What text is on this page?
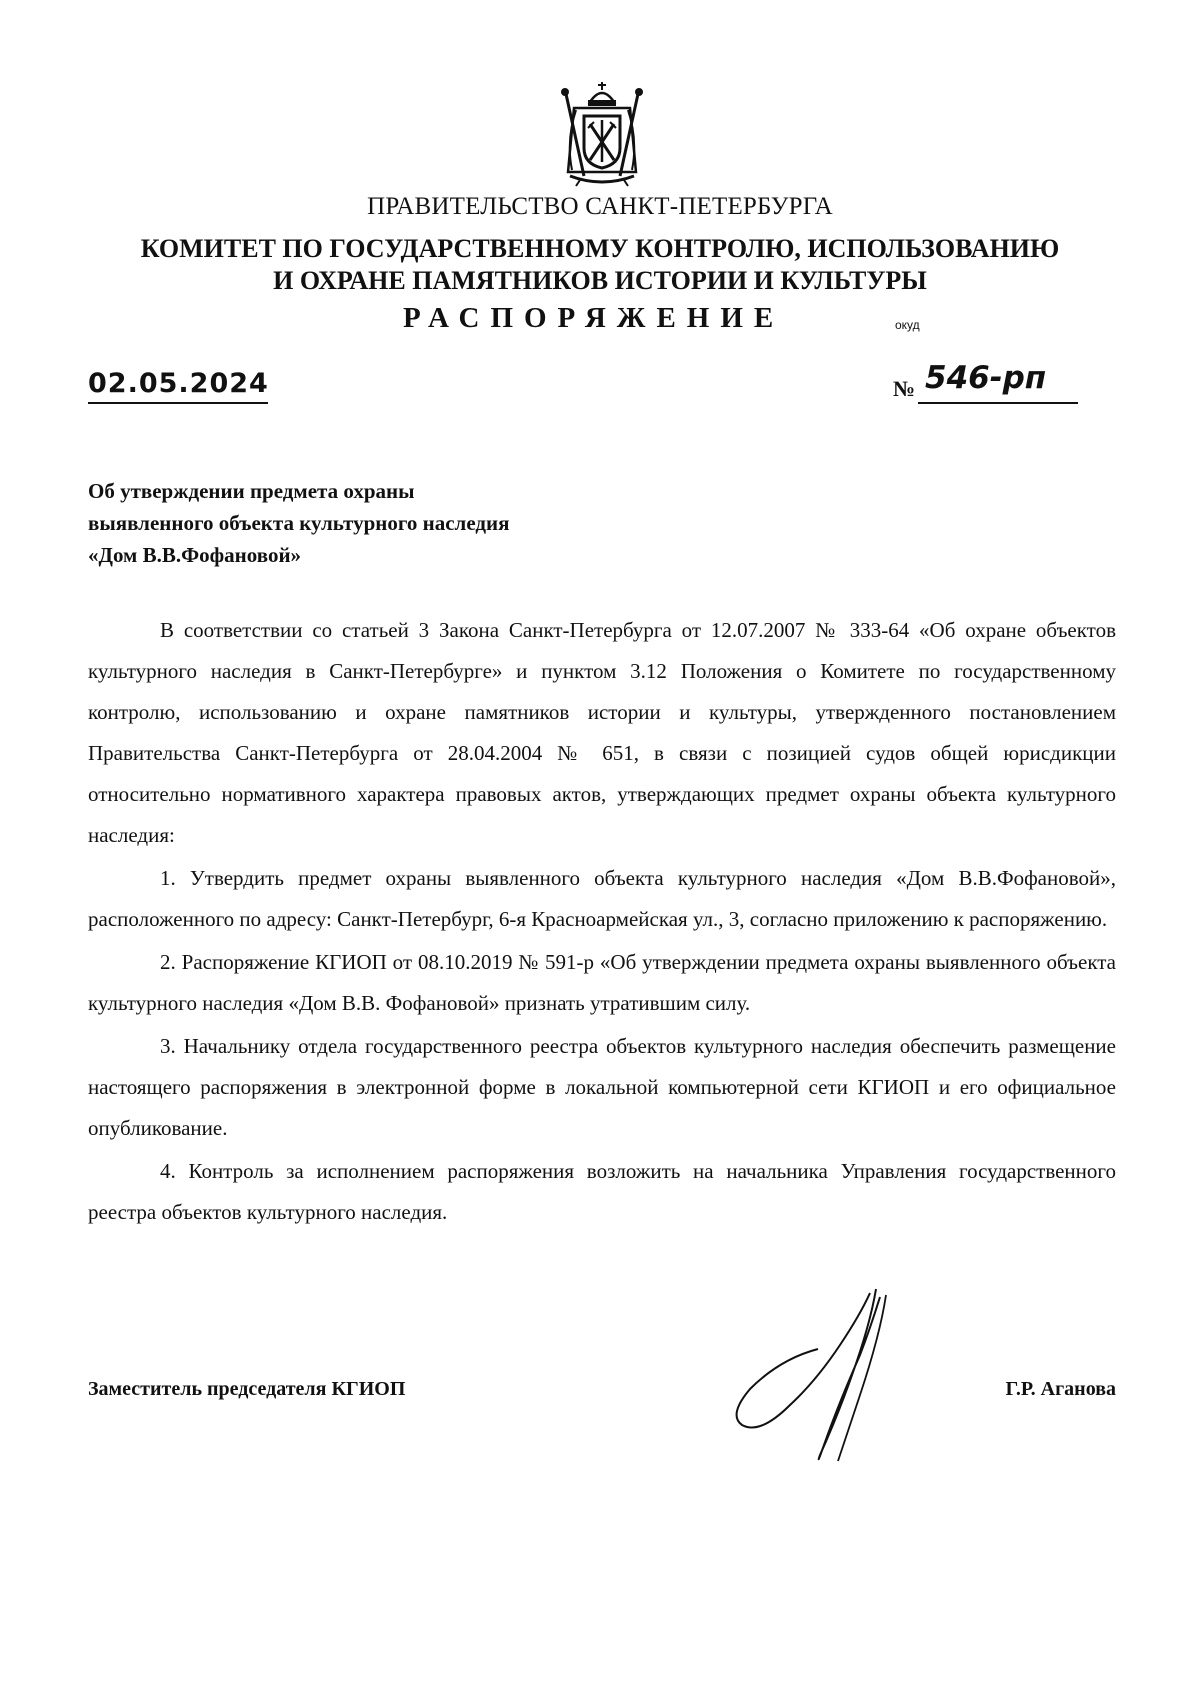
ПРАВИТЕЛЬСТВО САНКТ-ПЕТЕРБУРГА
КОМИТЕТ ПО ГОСУДАРСТВЕННОМУ КОНТРОЛЮ, ИСПОЛЬЗОВАНИЮ
И ОХРАНЕ ПАМЯТНИКОВ ИСТОРИИ И КУЛЬТУРЫ
РАСПОРЯЖЕНИЕ	окуд
02.05.2024	№ 546-рп
Об утверждении предмета охраны
выявленного объекта культурного наследия
«Дом В.В.Фофановой»

В соответствии со статьей 3 Закона Санкт-Петербурга от 12.07.2007 № 333-64 «Об охране объектов культурного наследия в Санкт-Петербурге» и пунктом 3.12 Положения о Комитете по государственному контролю, использованию и охране памятников истории и культуры, утвержденного постановлением Правительства Санкт-Петербурга от 28.04.2004 № 651, в связи с позицией судов общей юрисдикции относительно нормативного характера правовых актов, утверждающих предмет охраны объекта культурного наследия:

1. Утвердить предмет охраны выявленного объекта культурного наследия «Дом В.В.Фофановой», расположенного по адресу: Санкт-Петербург, 6-я Красноармейская ул., 3, согласно приложению к распоряжению.

2. Распоряжение КГИОП от 08.10.2019 № 591-р «Об утверждении предмета охраны выявленного объекта культурного наследия «Дом В.В. Фофановой» признать утратившим силу.

3. Начальнику отдела государственного реестра объектов культурного наследия обеспечить размещение настоящего распоряжения в электронной форме в локальной компьютерной сети КГИОП и его официальное опубликование.

4. Контроль за исполнением распоряжения возложить на начальника Управления государственного реестра объектов культурного наследия.

Заместитель председателя КГИОП	Г.Р. Аганова
